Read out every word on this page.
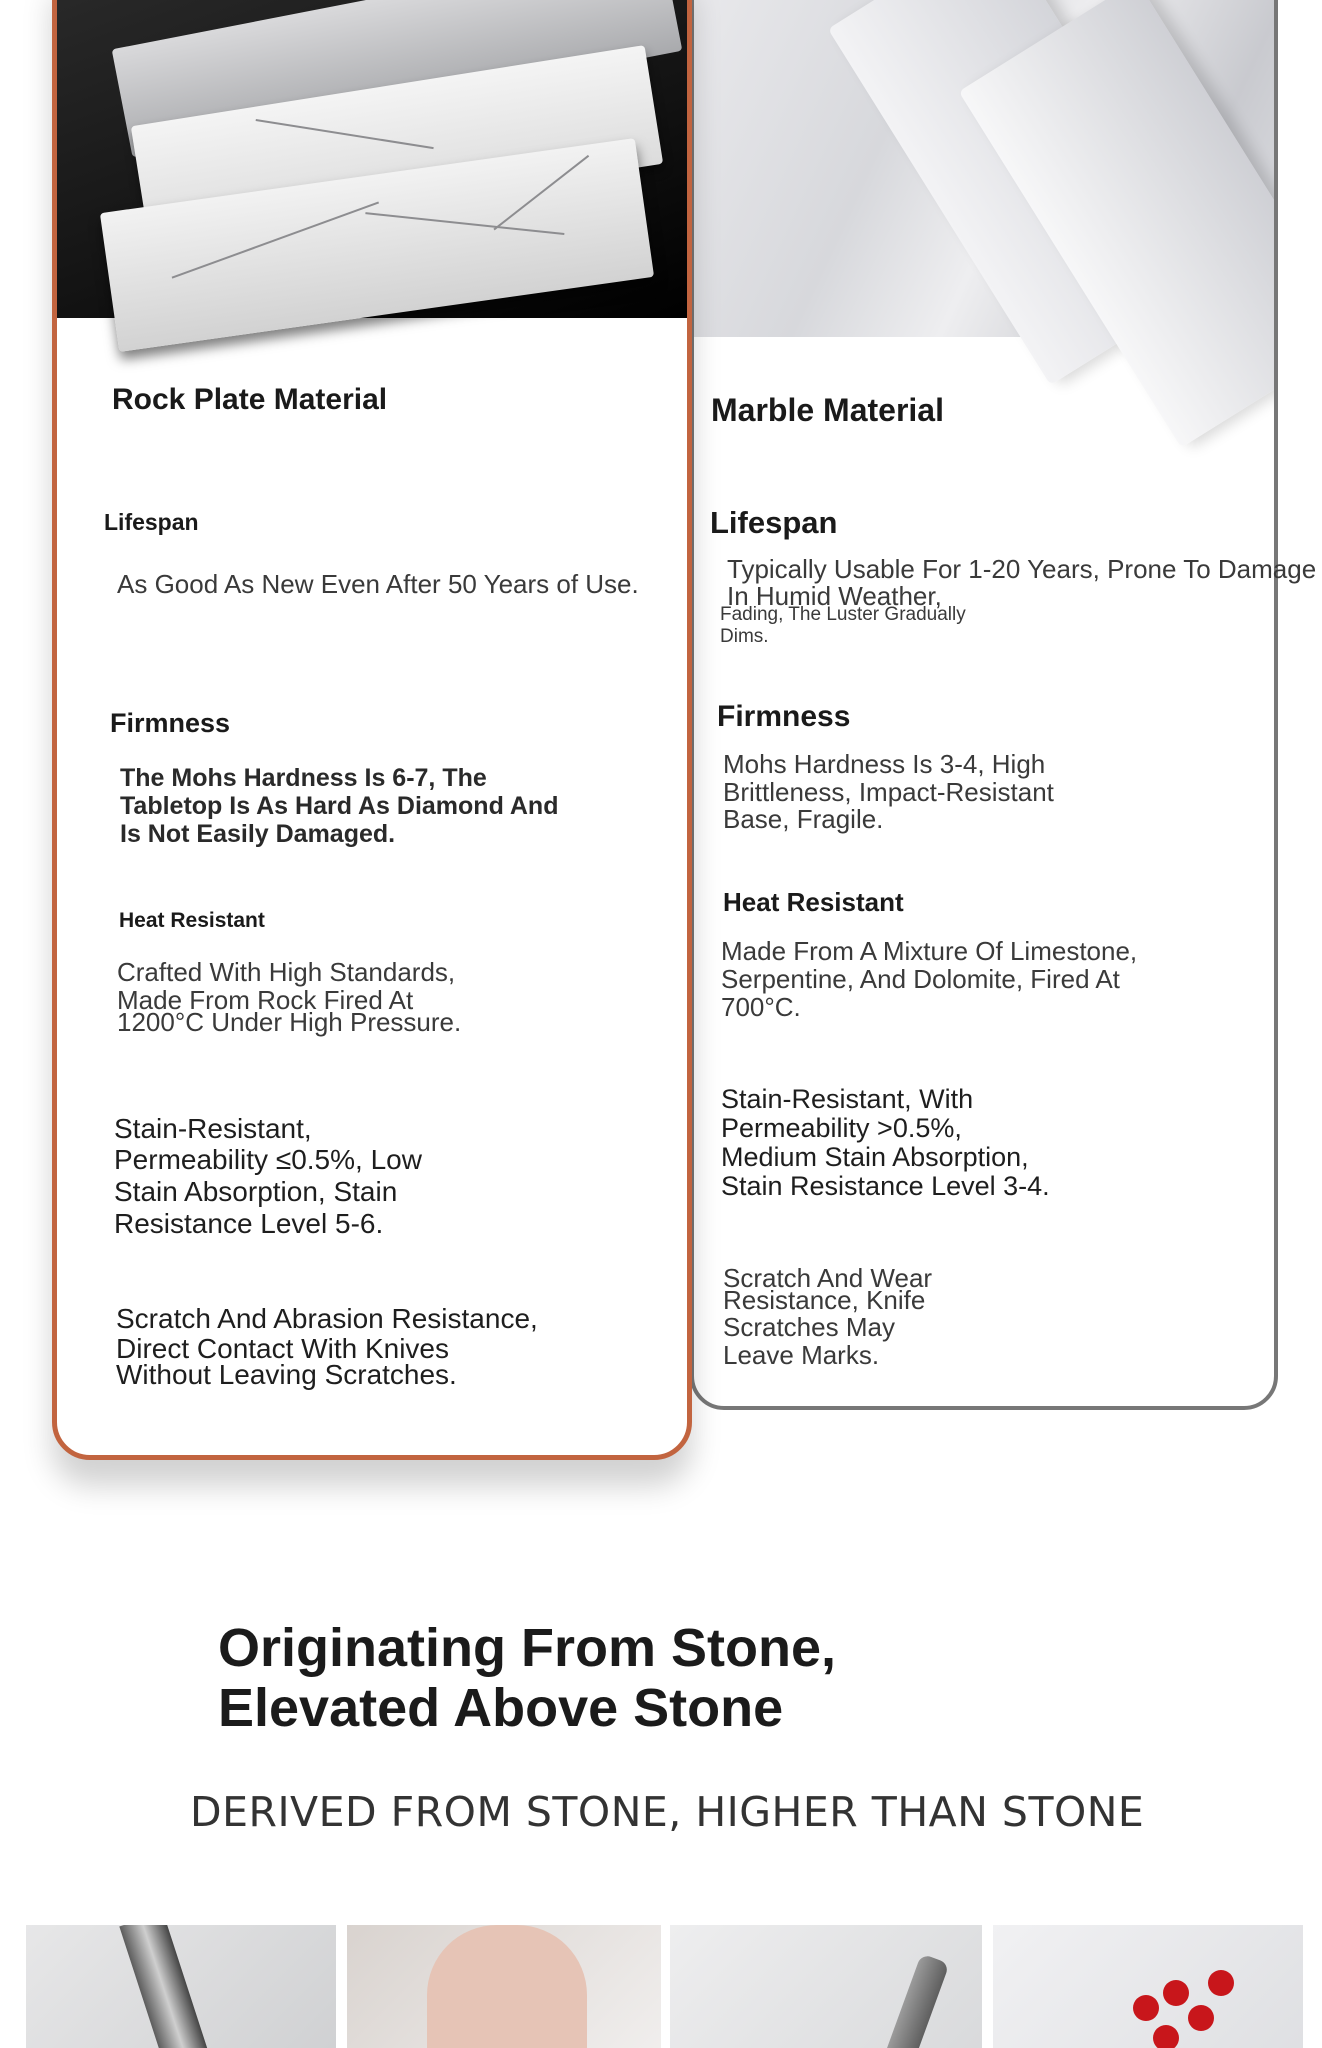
Rock Plate Material
Lifespan
As Good As New Even After 50 Years of Use.
Firmness
The Mohs Hardness Is 6-7, The
Tabletop Is As Hard As Diamond And
Is Not Easily Damaged.
Heat Resistant
Crafted With High Standards,
Made From Rock Fired At
1200°C Under High Pressure.
Stain-Resistant,
Permeability ≤0.5%, Low
Stain Absorption, Stain
Resistance Level 5-6.
Scratch And Abrasion Resistance,
Direct Contact With Knives
Without Leaving Scratches.
Marble Material
Lifespan
Typically Usable For 1-20 Years, Prone To Damage
In Humid Weather,
Fading, The Luster Gradually
Dims.
Firmness
Mohs Hardness Is 3-4, High
Brittleness, Impact-Resistant
Base, Fragile.
Heat Resistant
Made From A Mixture Of Limestone,
Serpentine, And Dolomite, Fired At
700°C.
Stain-Resistant, With
Permeability >0.5%,
Medium Stain Absorption,
Stain Resistance Level 3-4.
Scratch And Wear
Resistance, Knife
Scratches May
Leave Marks.
Originating From Stone,
Elevated Above Stone
DERIVED FROM STONE, HIGHER THAN STONE
